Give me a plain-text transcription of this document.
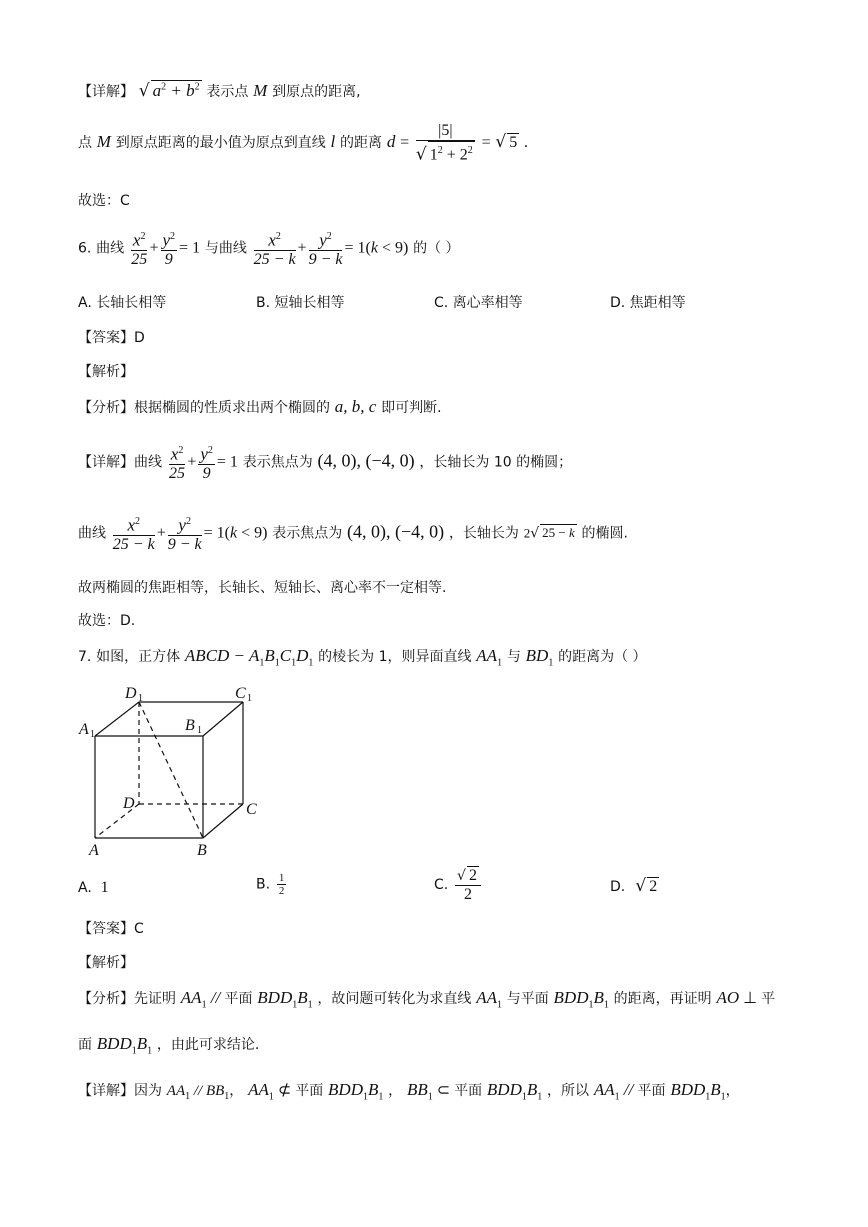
【详解】 √ $a^2 + b^2$ 表示点 M 到原点的距离,
点 M 到原点距离的最小值为原点到直线 l 的距离 $d = \frac{|5|}{√ 1^2 + 2^2}$ = √ 5 .
故选：C
6. 曲线 $\frac{x^2}{25} + \frac{y^2}{9} = 1$ 与曲线 $\frac{x^2}{25 - k} + \frac{y^2}{9 - k} = 1(k < 9)$ 的（ ）
A. 长轴长相等	B. 短轴长相等	C. 离心率相等	D. 焦距相等
【答案】D
【解析】
【分析】根据椭圆的性质求出两个椭圆的 a, b, c 即可判断.
【详解】曲线 $\frac{x^2}{25} + \frac{y^2}{9} = 1$ 表示焦点为 (4, 0), (−4, 0) ，长轴长为 10 的椭圆；
曲线 $\frac{x^2}{25 - k} + \frac{y^2}{9 - k} = 1(k < 9)$ 表示焦点为 (4, 0), (−4, 0) ，长轴长为 2√ 25 − k 的椭圆.
故两椭圆的焦距相等，长轴长、短轴长、离心率不一定相等.
故选：D.
7. 如图，正方体 ABCD − $A_1B_1C_1D_1$ 的棱长为 1，则异面直线 $AA_1$ 与 $BD_1$ 的距离为（ ）
D 1	C 1
A 1
B 1
D	C
A	B
A.  1	B. $\frac{1}{2}$	C. $\frac{√ 2}{2}$	D.  √ 2
【答案】C
【解析】
【分析】先证明 $AA_1$ // 平面 $BDD_1B_1$ ，故问题可转化为求直线 $AA_1$ 与平面 $BDD_1B_1$ 的距离，再证明 AO ⊥ 平
面 $BDD_1B_1$ ，由此可求结论.
【详解】因为 $AA_1 // BB_1$， $AA_1$ ⊄ 平面 $BDD_1B_1$ ， $BB_1$ ⊂ 平面 $BDD_1B_1$ ，所以 $AA_1$ // 平面 $BDD_1B_1$，
